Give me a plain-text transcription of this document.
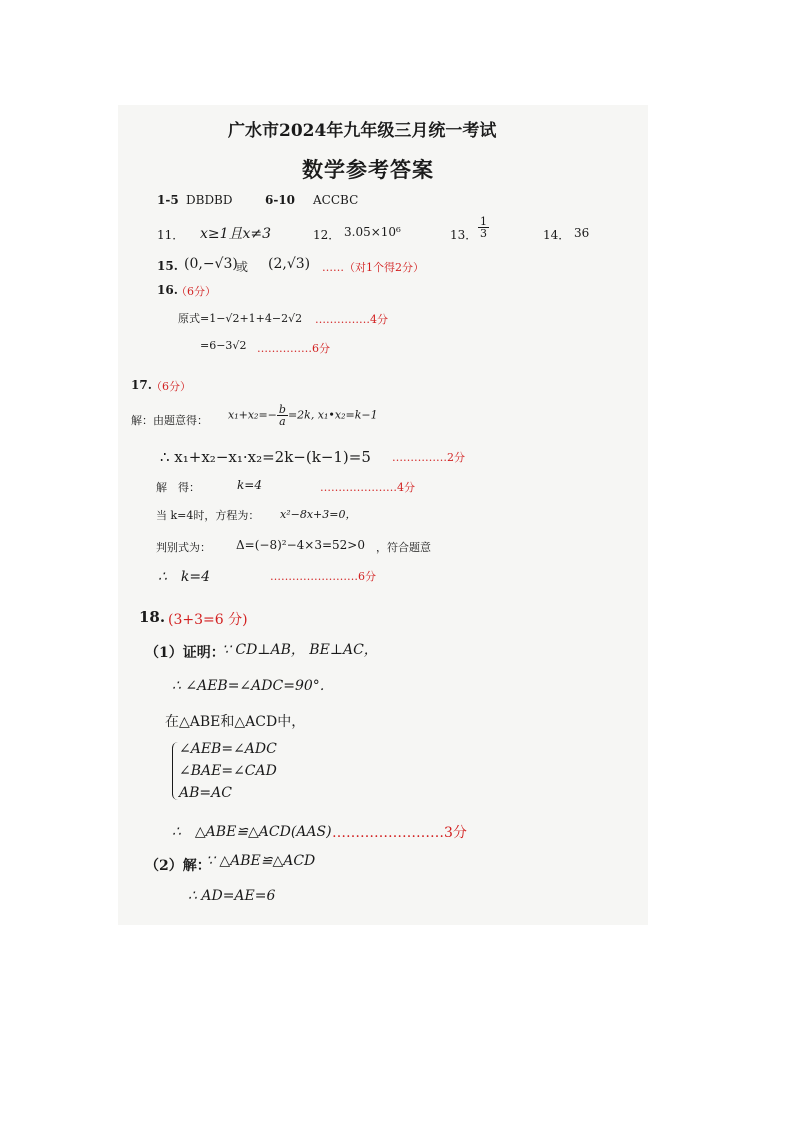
广水市2024年九年级三月统一考试
数学参考答案
1-5 DBDBD	6-10 ACCBC
11． x≥1且x≠3	12． 3.05×10⁶	13． $\frac{1}{3}$	14． 36
15. (0,−√3)
或 (2,√3) ……（对1个得2分）
16.
（6分）
原式=1−√2+1+4−2√2 ……………4分
=6−3√2 ……………6分
17. （6分）
解：由题意得： $x_1+x_2=- \frac{b}{a} =2k$, x₁•x₂=k−1
∴ x₁+x₂−x₁·x₂=2k−(k−1)=5 ……………2分
解　得：	k=4	…………………4分
当 k=4时，方程为： x²−8x+3=0，
判别式为： Δ=(−8)²−4×3=52>0 ，符合题意
∴　k=4	……………………6分
18. (3+3=6 分)
（1）证明：
∵ CD⊥AB， BE⊥AC，
∴ ∠AEB=∠ADC=90°．
在△ABE和△ACD中，
∠AEB=∠ADC
∠BAE=∠CAD
AB=AC
∴　△ABE≌△ACD(AAS) ……………………3分
（2）解：
∵ △ABE≌△ACD
∴ AD=AE=6
